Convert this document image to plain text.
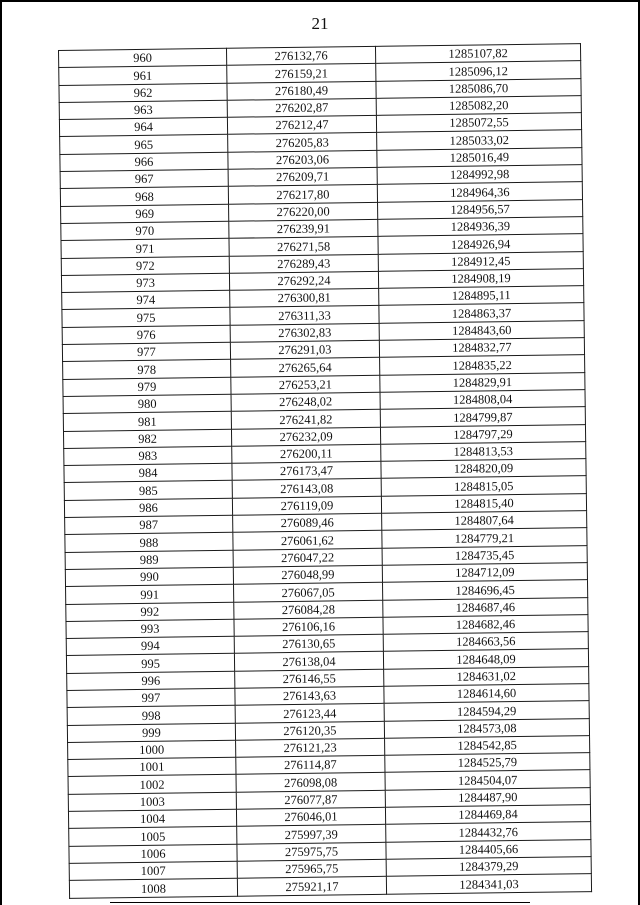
21
960	276132,76	1285107,82
961	276159,21	1285096,12
962	276180,49	1285086,70
963	276202,87	1285082,20
964	276212,47	1285072,55
965	276205,83	1285033,02
966	276203,06	1285016,49
967	276209,71	1284992,98
968	276217,80	1284964,36
969	276220,00	1284956,57
970	276239,91	1284936,39
971	276271,58	1284926,94
972	276289,43	1284912,45
973	276292,24	1284908,19
974	276300,81	1284895,11
975	276311,33	1284863,37
976	276302,83	1284843,60
977	276291,03	1284832,77
978	276265,64	1284835,22
979	276253,21	1284829,91
980	276248,02	1284808,04
981	276241,82	1284799,87
982	276232,09	1284797,29
983	276200,11	1284813,53
984	276173,47	1284820,09
985	276143,08	1284815,05
986	276119,09	1284815,40
987	276089,46	1284807,64
988	276061,62	1284779,21
989	276047,22	1284735,45
990	276048,99	1284712,09
991	276067,05	1284696,45
992	276084,28	1284687,46
993	276106,16	1284682,46
994	276130,65	1284663,56
995	276138,04	1284648,09
996	276146,55	1284631,02
997	276143,63	1284614,60
998	276123,44	1284594,29
999	276120,35	1284573,08
1000	276121,23	1284542,85
1001	276114,87	1284525,79
1002	276098,08	1284504,07
1003	276077,87	1284487,90
1004	276046,01	1284469,84
1005	275997,39	1284432,76
1006	275975,75	1284405,66
1007	275965,75	1284379,29
1008	275921,17	1284341,03
